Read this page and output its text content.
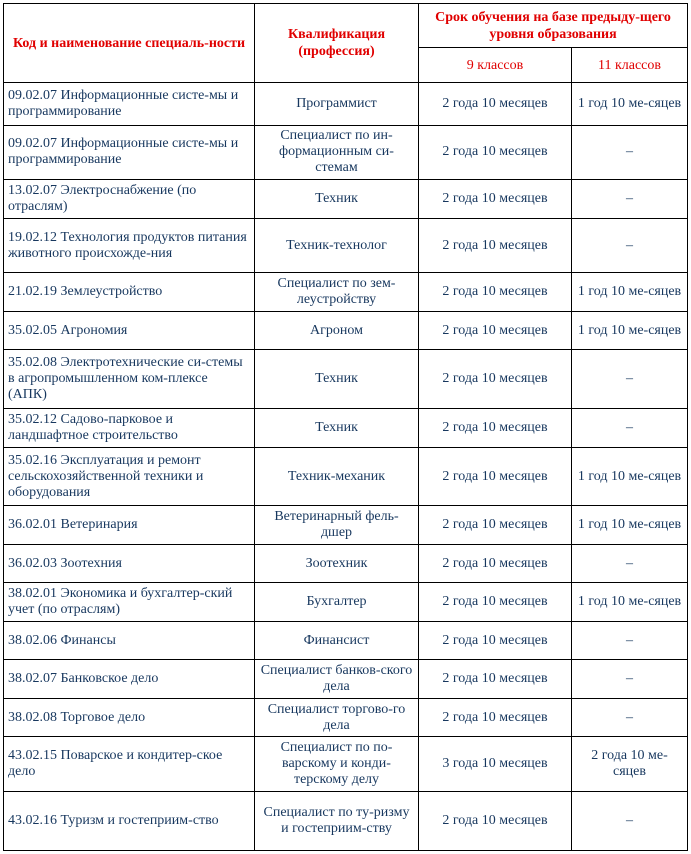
Код и наименование специаль-ности	Квалификация (профессия)	Срок обучения на базе предыду-щего уровня образования	
		9 классов	11 классов
09.02.07 Информационные систе-мы и программирование	Программист	2 года 10 месяцев	1 год 10 ме-сяцев
09.02.07 Информационные систе-мы и программирование	Специалист по ин-формационным си-стемам	2 года 10 месяцев	–
13.02.07 Электроснабжение (по отраслям)	Техник	2 года 10 месяцев	–
19.02.12 Технология продуктов питания животного происхожде-ния	Техник-технолог	2 года 10 месяцев	–
21.02.19 Землеустройство	Специалист по зем-леустройству	2 года 10 месяцев	1 год 10 ме-сяцев
35.02.05 Агрономия	Агроном	2 года 10 месяцев	1 год 10 ме-сяцев
35.02.08 Электротехнические си-стемы в агропромышленном ком-плексе (АПК)	Техник	2 года 10 месяцев	–
35.02.12 Садово-парковое и ландшафтное строительство	Техник	2 года 10 месяцев	–
35.02.16 Эксплуатация и ремонт сельскохозяйственной техники и оборудования	Техник-механик	2 года 10 месяцев	1 год 10 ме-сяцев
36.02.01 Ветеринария	Ветеринарный фель-дшер	2 года 10 месяцев	1 год 10 ме-сяцев
36.02.03 Зоотехния	Зоотехник	2 года 10 месяцев	–
38.02.01 Экономика и бухгалтер-ский учет (по отраслям)	Бухгалтер	2 года 10 месяцев	1 год 10 ме-сяцев
38.02.06 Финансы	Финансист	2 года 10 месяцев	–
38.02.07 Банковское дело	Специалист банков-ского дела	2 года 10 месяцев	–
38.02.08 Торговое дело	Специалист торгово-го дела	2 года 10 месяцев	–
43.02.15 Поварское и кондитер-ское дело	Специалист по по-варскому и конди-терскому делу	3 года 10 месяцев	2 года 10 ме-сяцев
43.02.16 Туризм и гостеприим-ство	Специалист по ту-ризму и гостеприим-ству	2 года 10 месяцев	–
